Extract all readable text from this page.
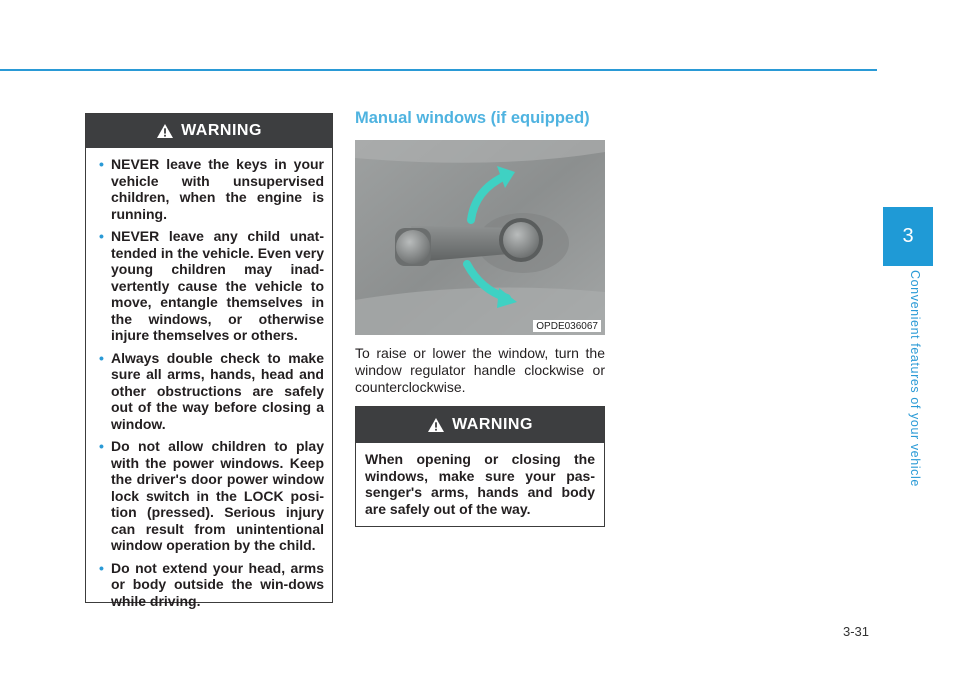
WARNING
• NEVER leave the keys in your vehicle with unsupervised children, when the engine is running.
• NEVER leave any child unat-tended in the vehicle. Even very young children may inad-vertently cause the vehicle to move, entangle themselves in the windows, or otherwise injure themselves or others.
• Always double check to make sure all arms, hands, head and other obstructions are safely out of the way before closing a window.
• Do not allow children to play with the power windows. Keep the driver's door power window lock switch in the LOCK posi-tion (pressed). Serious injury can result from unintentional window operation by the child.
• Do not extend your head, arms or body outside the win-dows while driving.
Manual windows (if equipped)
OPDE036067
To raise or lower the window, turn the window regulator handle clockwise or counterclockwise.
WARNING
When opening or closing the windows, make sure your pas-senger's arms, hands and body are safely out of the way.
3
Convenient features of your vehicle
3-31
